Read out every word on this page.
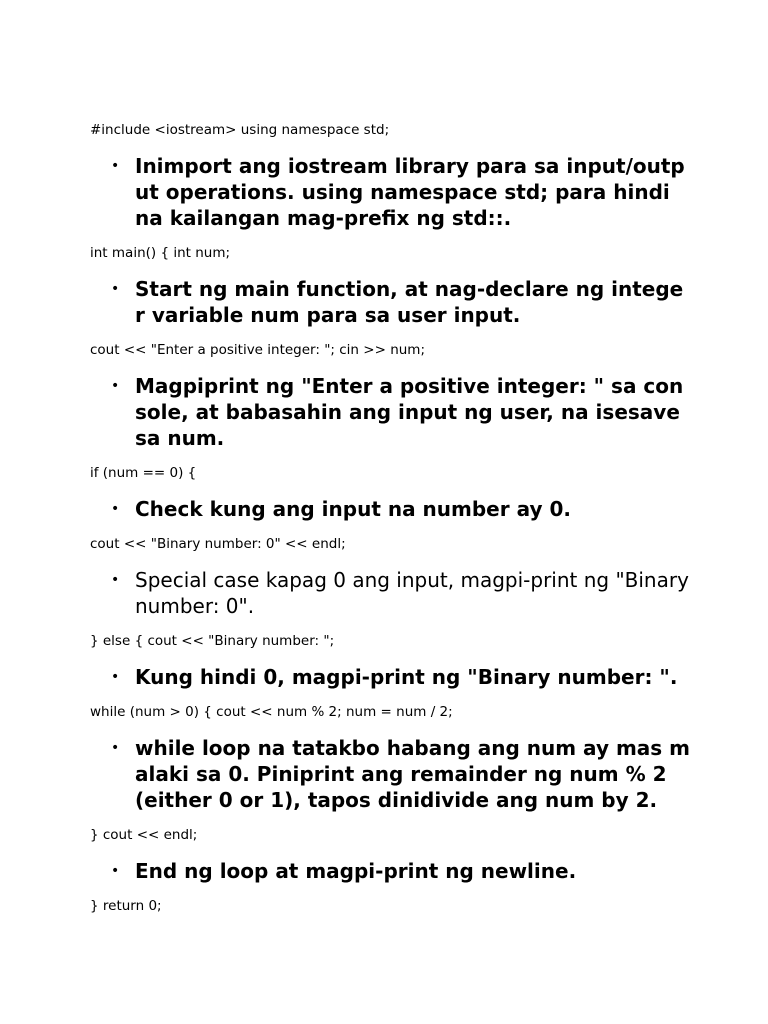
#include <iostream> using namespace std;

• Inimport ang iostream library para sa input/output operations. using namespace std; para hindi na kailangan mag-prefix ng std::.

int main() { int num;

• Start ng main function, at nag-declare ng integer variable num para sa user input.

cout << "Enter a positive integer: "; cin >> num;

• Magpiprint ng "Enter a positive integer: " sa console, at babasahin ang input ng user, na isesave sa num.

if (num == 0) {

• Check kung ang input na number ay 0.

cout << "Binary number: 0" << endl;

• Special case kapag 0 ang input, magpi-print ng "Binary number: 0".

} else { cout << "Binary number: ";

• Kung hindi 0, magpi-print ng "Binary number: ".

while (num > 0) { cout << num % 2; num = num / 2;

• while loop na tatakbo habang ang num ay mas malaki sa 0. Piniprint ang remainder ng num % 2 (either 0 or 1), tapos dinidivide ang num by 2.

} cout << endl;

• End ng loop at magpi-print ng newline.

} return 0;
